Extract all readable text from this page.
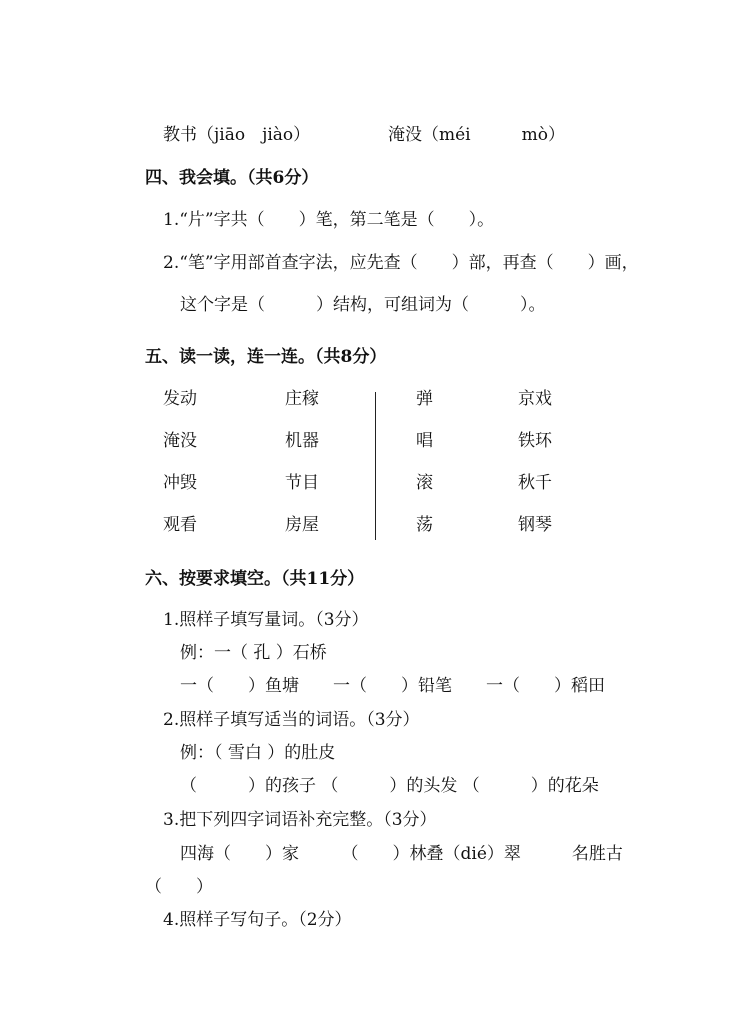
教书（jiāo　jiào）	淹没（méi　　　mò）
四、我会填。（共6分）
1.“片”字共（　　）笔，第二笔是（　　）。
2.“笔”字用部首查字法，应先查（　　）部，再查（　　）画，
这个字是（　　　）结构，可组词为（　　　）。
五、读一读，连一连。（共8分）
发动	庄稼	弹	京戏
淹没	机器	唱	铁环
冲毁	节目	滚	秋千
观看	房屋	荡	钢琴
六、按要求填空。（共11分）
1.照样子填写量词。（3分）
例：一（ 孔 ）石桥
一（　　）鱼塘　　一（　　）铅笔　　一（　　）稻田
2.照样子填写适当的词语。（3分）
例：（ 雪白 ）的肚皮
（　　　）的孩子 （　　　）的头发 （　　　）的花朵
3.把下列四字词语补充完整。（3分）
四海（　　）家　　　（　　）林叠（dié）翠　　　名胜古
（　　）
4.照样子写句子。（2分）
